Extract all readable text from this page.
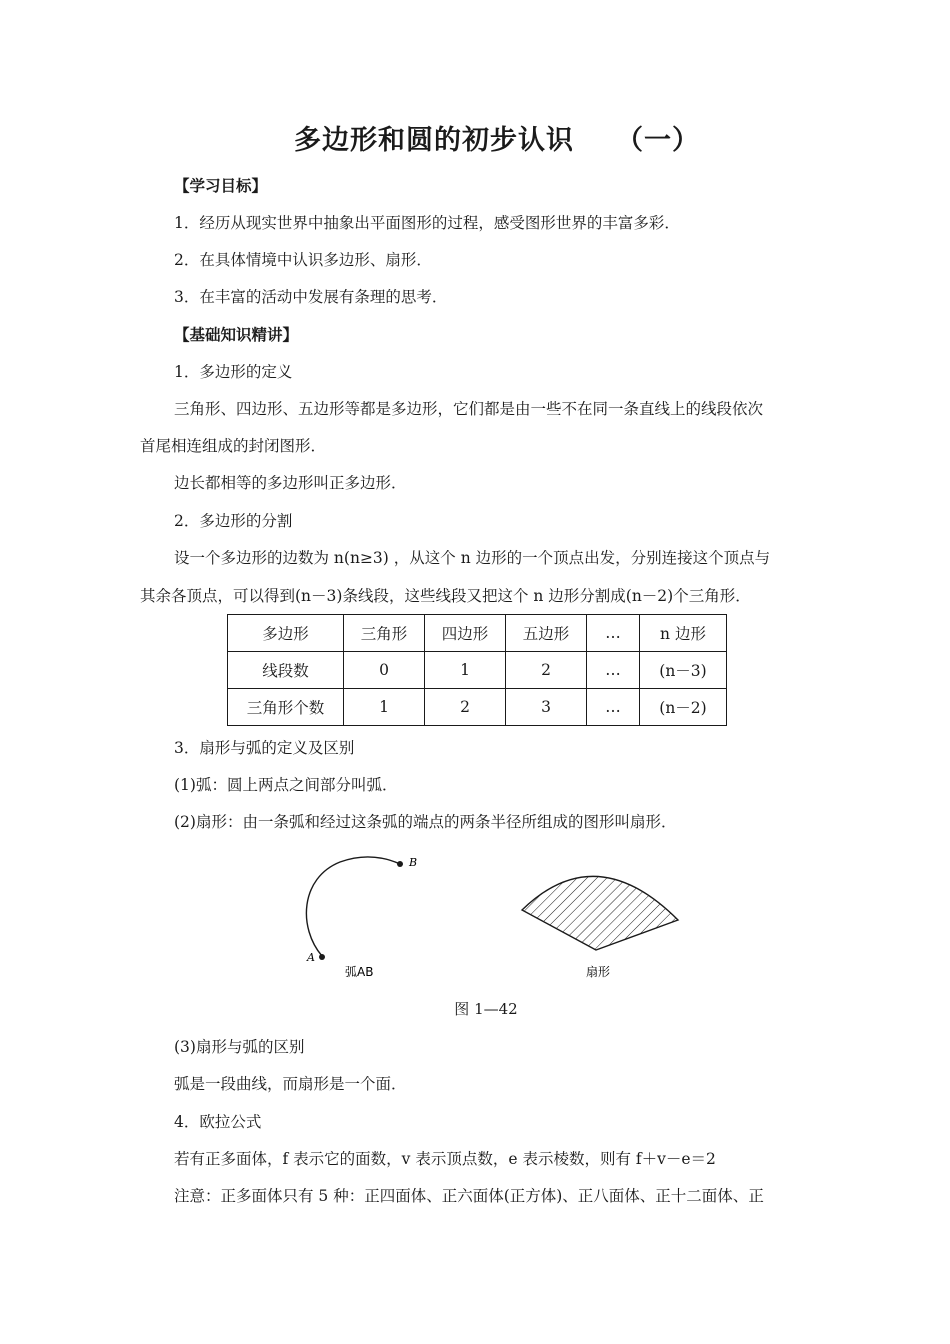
多边形和圆的初步认识 （一）
【学习目标】
1．经历从现实世界中抽象出平面图形的过程，感受图形世界的丰富多彩．
2．在具体情境中认识多边形、扇形．
3．在丰富的活动中发展有条理的思考．
【基础知识精讲】
1．多边形的定义
三角形、四边形、五边形等都是多边形，它们都是由一些不在同一条直线上的线段依次
首尾相连组成的封闭图形．
边长都相等的多边形叫正多边形．
2．多边形的分割
设一个多边形的边数为 n(n≥3) ，从这个 n 边形的一个顶点出发，分别连接这个顶点与
其余各顶点，可以得到(n－3)条线段，这些线段又把这个 n 边形分割成(n－2)个三角形．
多边形	三角形	四边形	五边形	…	n 边形
线段数	0	1	2	…	(n－3)
三角形个数	1	2	3	…	(n－2)
3．扇形与弧的定义及区别
(1)弧：圆上两点之间部分叫弧．
(2)扇形：由一条弧和经过这条弧的端点的两条半径所组成的图形叫扇形．
A
B
弧AB	扇形
图 1—42
(3)扇形与弧的区别
弧是一段曲线，而扇形是一个面．
4．欧拉公式
若有正多面体，f 表示它的面数，v 表示顶点数，e 表示棱数，则有 f＋v－e＝2
注意：正多面体只有 5 种：正四面体、正六面体(正方体)、正八面体、正十二面体、正
